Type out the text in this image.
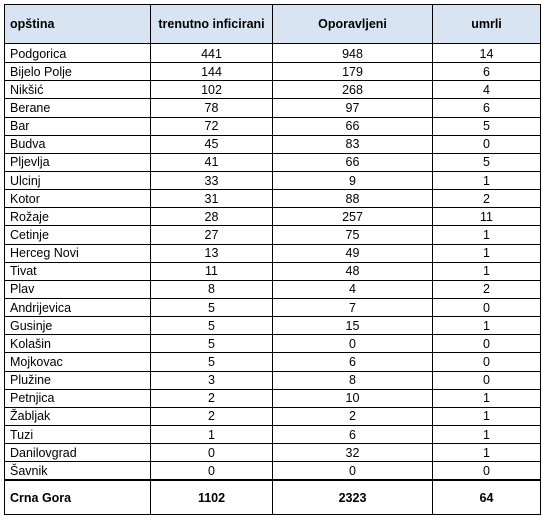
opština	trenutno inficirani	Oporavljeni	umrli
Podgorica	441	948	14
Bijelo Polje	144	179	6
Nikšić	102	268	4
Berane	78	97	6
Bar	72	66	5
Budva	45	83	0
Pljevlja	41	66	5
Ulcinj	33	9	1
Kotor	31	88	2
Rožaje	28	257	11
Cetinje	27	75	1
Herceg Novi	13	49	1
Tivat	11	48	1
Plav	8	4	2
Andrijevica	5	7	0
Gusinje	5	15	1
Kolašin	5	0	0
Mojkovac	5	6	0
Plužine	3	8	0
Petnjica	2	10	1
Žabljak	2	2	1
Tuzi	1	6	1
Danilovgrad	0	32	1
Šavnik	0	0	0
Crna Gora	1102	2323	64
